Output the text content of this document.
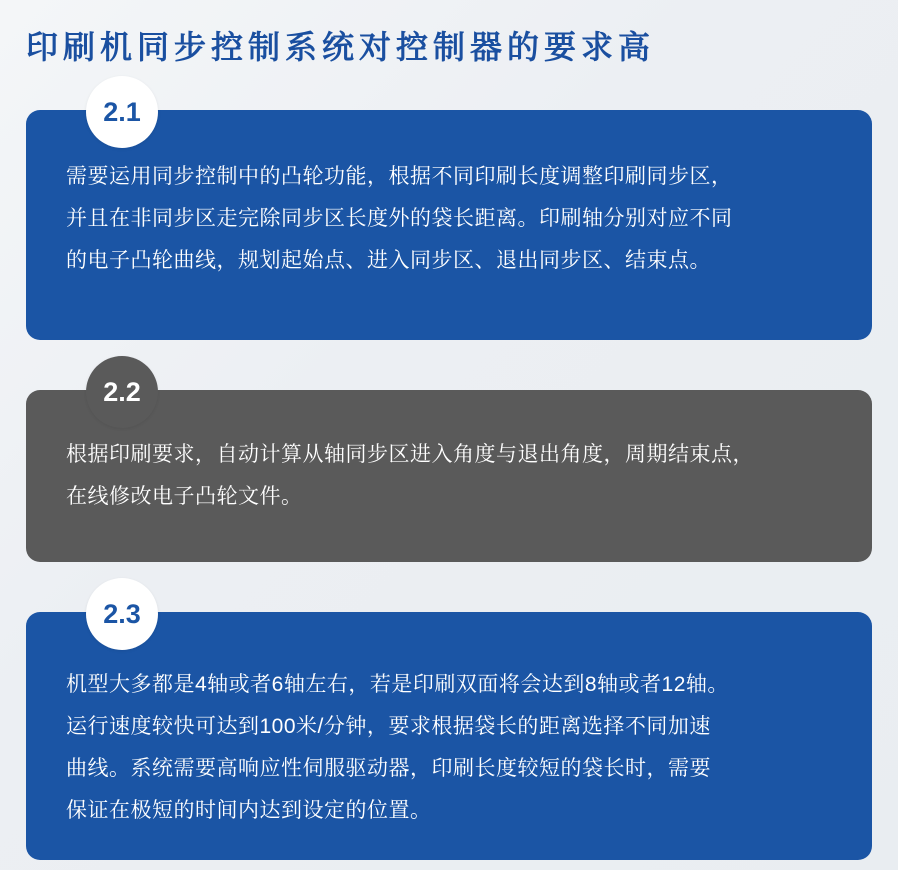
印刷机同步控制系统对控制器的要求高
2.1

需要运用同步控制中的凸轮功能，根据不同印刷长度调整印刷同步区，

并且在非同步区走完除同步区长度外的袋长距离。印刷轴分别对应不同

的电子凸轮曲线，规划起始点、进入同步区、退出同步区、结束点。

2.2

根据印刷要求，自动计算从轴同步区进入角度与退出角度，周期结束点，

在线修改电子凸轮文件。

2.3

机型大多都是4轴或者6轴左右，若是印刷双面将会达到8轴或者12轴。

运行速度较快可达到100米/分钟，要求根据袋长的距离选择不同加速

曲线。系统需要高响应性伺服驱动器，印刷长度较短的袋长时，需要

保证在极短的时间内达到设定的位置。
